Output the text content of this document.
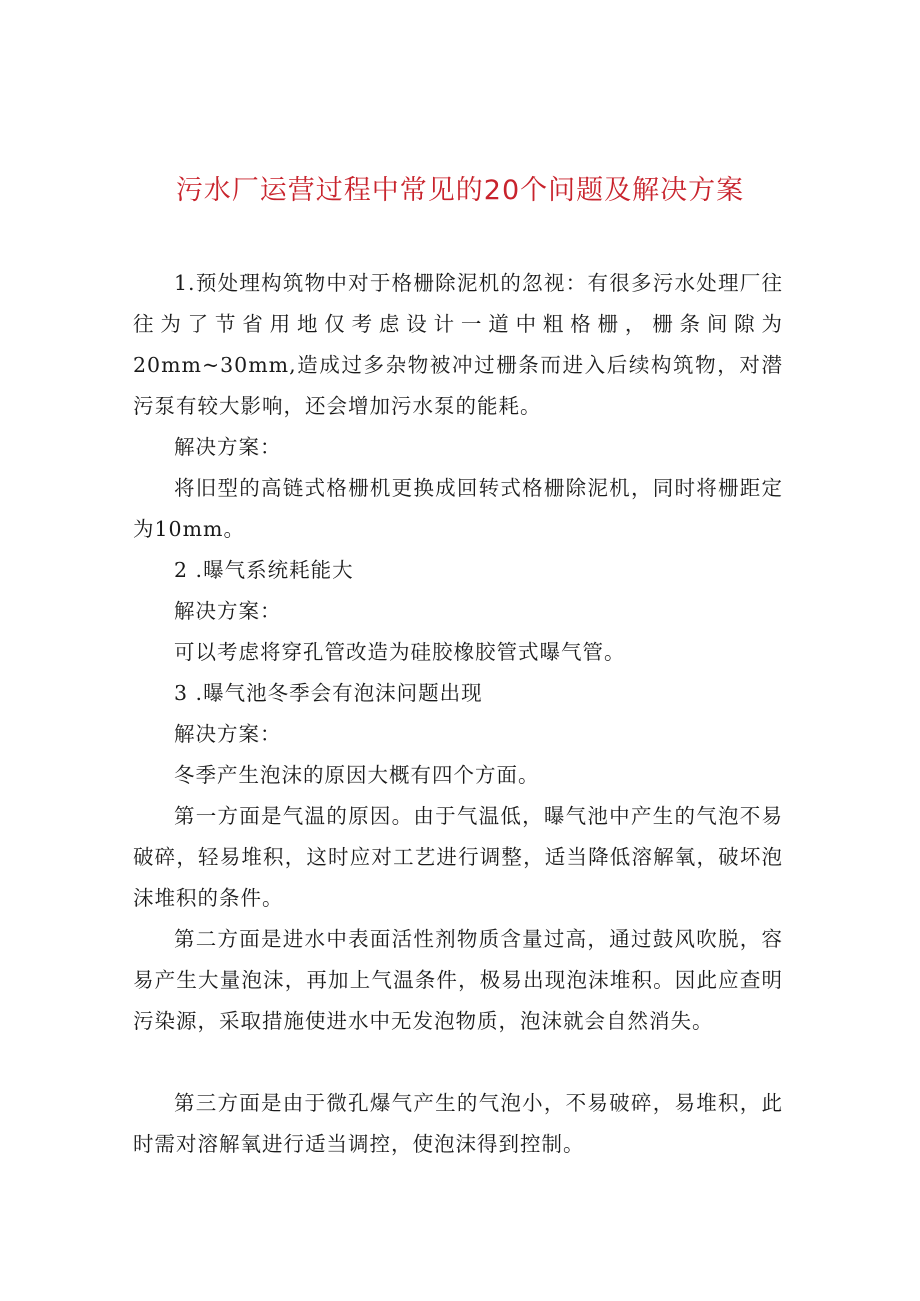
污水厂运营过程中常见的20个问题及解决方案

1.预处理构筑物中对于格栅除泥机的忽视：有很多污水处理厂往往为了节省用地仅考虑设计一道中粗格栅，栅条间隙为20mm~30mm,造成过多杂物被冲过栅条而进入后续构筑物，对潜污泵有较大影响，还会增加污水泵的能耗。

解决方案：

将旧型的高链式格栅机更换成回转式格栅除泥机，同时将栅距定为10mm。

2 .曝气系统耗能大

解决方案：

可以考虑将穿孔管改造为硅胶橡胶管式曝气管。

3 .曝气池冬季会有泡沫问题出现

解决方案：

冬季产生泡沫的原因大概有四个方面。

第一方面是气温的原因。由于气温低，曝气池中产生的气泡不易破碎，轻易堆积，这时应对工艺进行调整，适当降低溶解氧，破坏泡沫堆积的条件。

第二方面是进水中表面活性剂物质含量过高，通过鼓风吹脱，容易产生大量泡沫，再加上气温条件，极易出现泡沫堆积。因此应查明污染源，采取措施使进水中无发泡物质，泡沫就会自然消失。

第三方面是由于微孔爆气产生的气泡小，不易破碎，易堆积，此时需对溶解氧进行适当调控，使泡沫得到控制。
